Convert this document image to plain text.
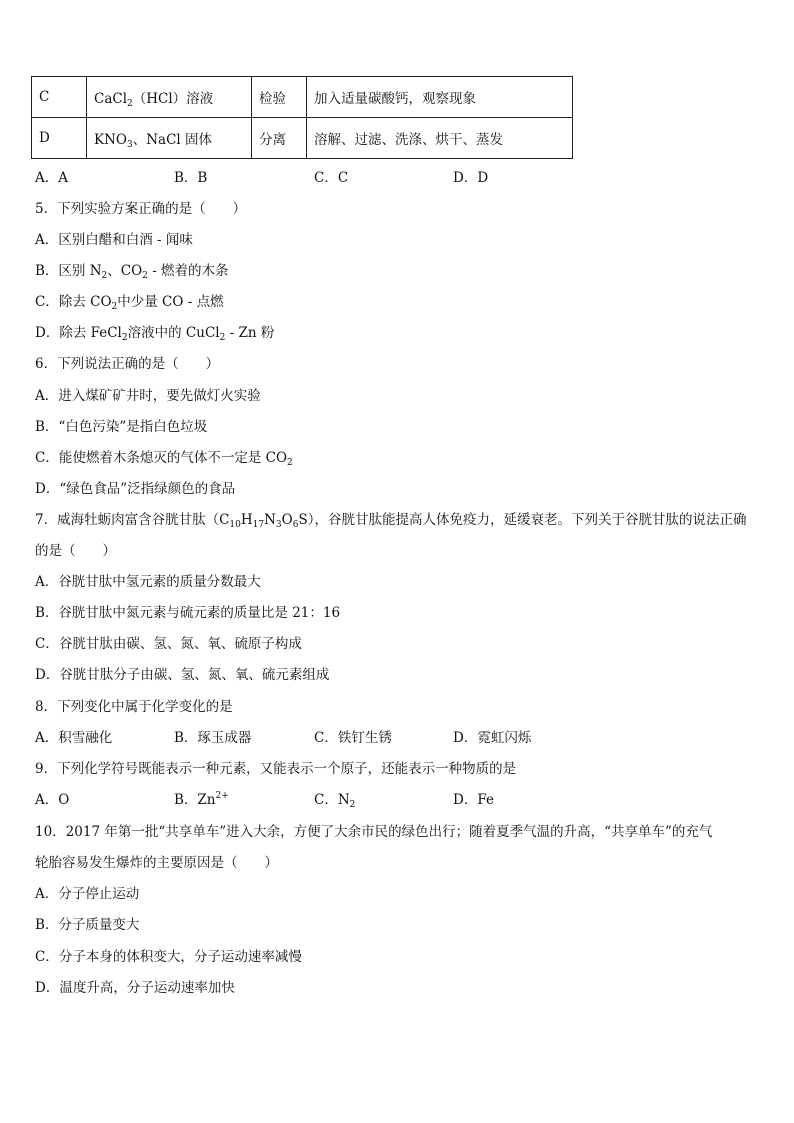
C	CaCl$_2$（HCl）溶液	检验	加入适量碳酸钙，观察现象
D	$KNO_3$、NaCl 固体	分离	溶解、过滤、洗涤、烘干、蒸发
A．A	B．B	C．C	D．D
5．下列实验方案正确的是（　　）
A．区别白醋和白酒 - 闻味
B．区别 $N_2$、$CO_2$ - 燃着的木条
C．除去 $CO_2$中少量 CO - 点燃
D．除去 FeCl$_2$溶液中的 CuCl$_2$ - Zn 粉
6．下列说法正确的是（　　）
A．进入煤矿矿井时，要先做灯火实验
B．“白色污染”是指白色垃圾
C．能使燃着木条熄灭的气体不一定是 $CO_2$
D．“绿色食品”泛指绿颜色的食品
7．威海牡蛎肉富含谷胱甘肽$(C_{10}H_{17}N_3O_6S)$，谷胱甘肽能提高人体免疫力，延缓衰老。下列关于谷胱甘肽的说法正确
的是（　　）
A．谷胱甘肽中氢元素的质量分数最大
B．谷胱甘肽中氮元素与硫元素的质量比是 21：16
C．谷胱甘肽由碳、氢、氮、氧、硫原子构成
D．谷胱甘肽分子由碳、氢、氮、氧、硫元素组成
8．下列变化中属于化学变化的是
A．积雪融化	B．琢玉成器	C．铁钉生锈	D．霓虹闪烁
9．下列化学符号既能表示一种元素，又能表示一个原子，还能表示一种物质的是
A．O	B．$Zn^{2+}$	C．$N_2$	D．Fe
10．2017 年第一批“共享单车”进入大余，方便了大余市民的绿色出行；随着夏季气温的升高，“共享单车”的充气
轮胎容易发生爆炸的主要原因是（　　）
A．分子停止运动
B．分子质量变大
C．分子本身的体积变大，分子运动速率减慢
D．温度升高，分子运动速率加快
